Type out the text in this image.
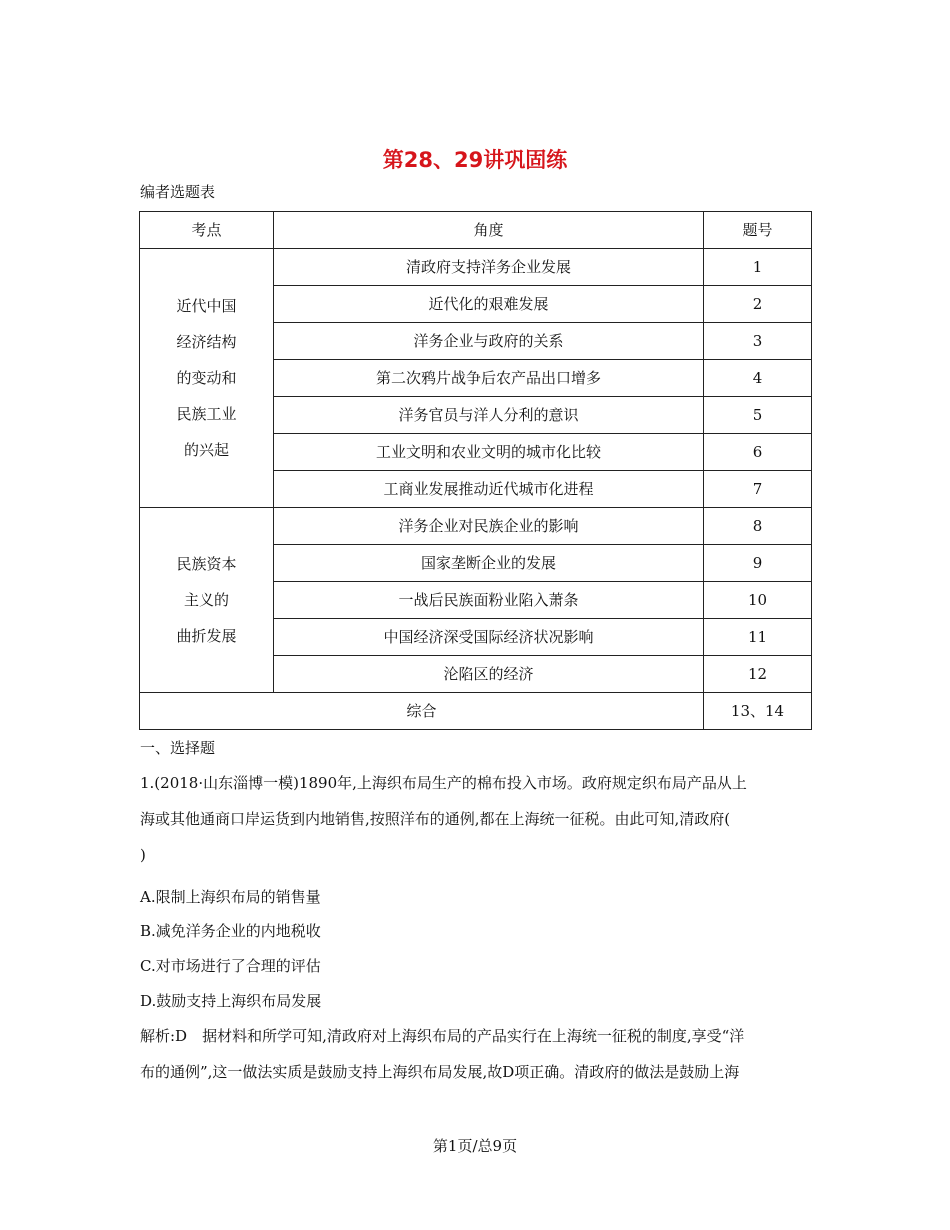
第28、29讲巩固练
编者选题表
考点	角度	题号

近代中国
经济结构
的变动和
民族工业
的兴起	清政府支持洋务企业发展	1
	近代化的艰难发展	2
	洋务企业与政府的关系	3
	第二次鸦片战争后农产品出口增多	4
	洋务官员与洋人分利的意识	5
	工业文明和农业文明的城市化比较	6
	工商业发展推动近代城市化进程	7

民族资本
主义的
曲折发展	洋务企业对民族企业的影响	8
	国家垄断企业的发展	9
	一战后民族面粉业陷入萧条	10
	中国经济深受国际经济状况影响	11
	沦陷区的经济	12
综合		13、14
一、选择题
1.(2018·山东淄博一模)1890年,上海织布局生产的棉布投入市场。政府规定织布局产品从上
海或其他通商口岸运货到内地销售,按照洋布的通例,都在上海统一征税。由此可知,清政府(
)
A.限制上海织布局的销售量
B.减免洋务企业的内地税收
C.对市场进行了合理的评估
D.鼓励支持上海织布局发展
解析:D　据材料和所学可知,清政府对上海织布局的产品实行在上海统一征税的制度,享受“洋
布的通例”,这一做法实质是鼓励支持上海织布局发展,故D项正确。清政府的做法是鼓励上海
第1页/总9页
